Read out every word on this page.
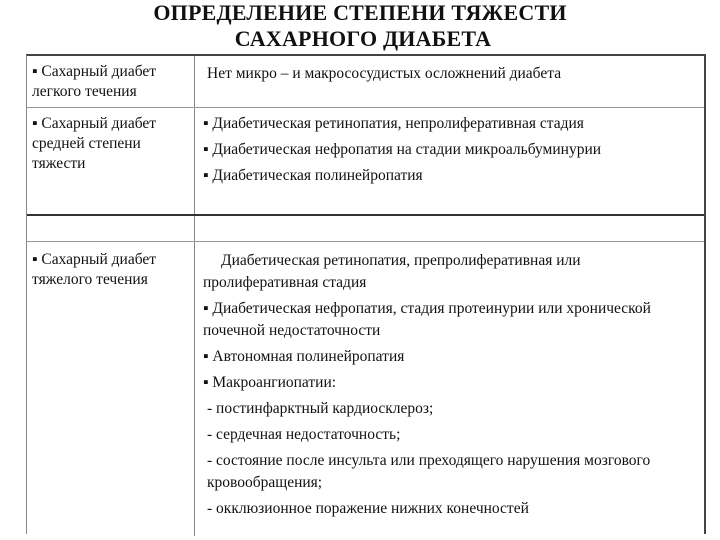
ОПРЕДЕЛЕНИЕ СТЕПЕНИ ТЯЖЕСТИ
САХАРНОГО ДИАБЕТА
▪ Сахарный диабет легкого течения
Нет микро – и макрососудистых осложнений диабета
▪ Сахарный диабет средней степени тяжести

▪ Диабетическая ретинопатия, непролиферативная стадия

▪ Диабетическая нефропатия на стадии микроальбуминурии

▪ Диабетическая полинейропатия

▪ Сахарный диабет тяжелого течения

Диабетическая ретинопатия, препролиферативная или пролиферативная стадия

▪ Диабетическая нефропатия, стадия протеинурии или хронической почечной недостаточности

▪ Автономная полинейропатия

▪ Макроангиопатии:

- постинфарктный кардиосклероз;

- сердечная недостаточность;

- состояние после инсульта или преходящего нарушения мозгового кровообращения;

- окклюзионное поражение нижних конечностей
